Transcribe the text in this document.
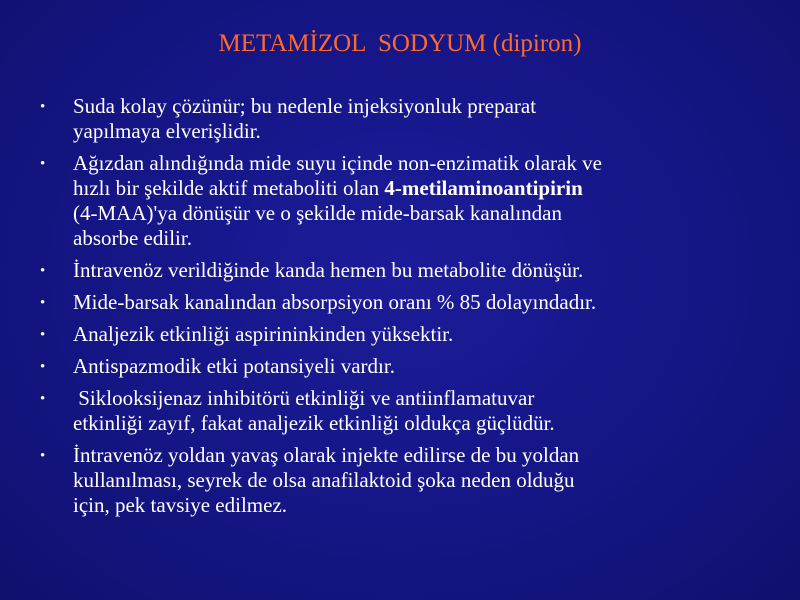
METAMİZOL  SODYUM (dipiron)
• Suda kolay çözünür; bu nedenle injeksiyonluk preparat
yapılmaya elverişlidir.
• Ağızdan alındığında mide suyu içinde non-enzimatik olarak ve
hızlı bir şekilde aktif metaboliti olan 4-metilaminoantipirin
(4-MAA)'ya dönüşür ve o şekilde mide-barsak kanalından
absorbe edilir.
• İntravenöz verildiğinde kanda hemen bu metabolite dönüşür.
• Mide-barsak kanalından absorpsiyon oranı % 85 dolayındadır.
• Analjezik etkinliği aspirininkinden yüksektir.
• Antispazmodik etki potansiyeli vardır.
• Siklooksijenaz inhibitörü etkinliği ve antiinflamatuvar
etkinliği zayıf, fakat analjezik etkinliği oldukça güçlüdür.
• İntravenöz yoldan yavaş olarak injekte edilirse de bu yoldan
kullanılması, seyrek de olsa anafilaktoid şoka neden olduğu
için, pek tavsiye edilmez.
